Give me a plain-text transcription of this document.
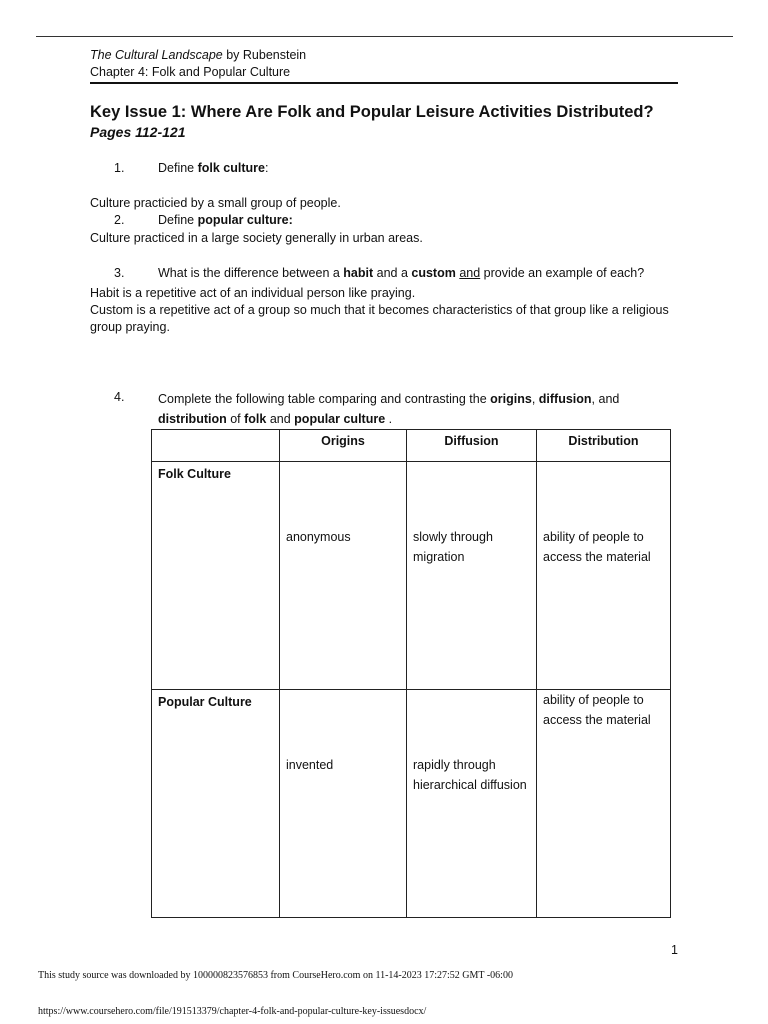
The Cultural Landscape by Rubenstein
Chapter 4: Folk and Popular Culture
Key Issue 1: Where Are Folk and Popular Leisure Activities Distributed?
Pages 112-121
1.	Define folk culture:
Culture practicied by a small group of people.
2.	Define popular culture:
Culture practiced in a large society generally in urban areas.
3.	What is the difference between a habit and a custom and provide an example of each?
Habit is a repetitive act of an individual person like praying.
Custom is a repetitive act of a group so much that it becomes characteristics of that group like a religious group praying.
4.	Complete the following table comparing and contrasting the origins, diffusion, and
distribution of folk and popular culture .
	Origins	Diffusion	Distribution
Folk Culture	anonymous	slowly through migration	ability of people to access the material

Popular Culture	invented	rapidly through hierarchical diffusion	ability of people to access the material
1
This study source was downloaded by 100000823576853 from CourseHero.com on 11-14-2023 17:27:52 GMT -06:00
https://www.coursehero.com/file/191513379/chapter-4-folk-and-popular-culture-key-issuesdocx/
